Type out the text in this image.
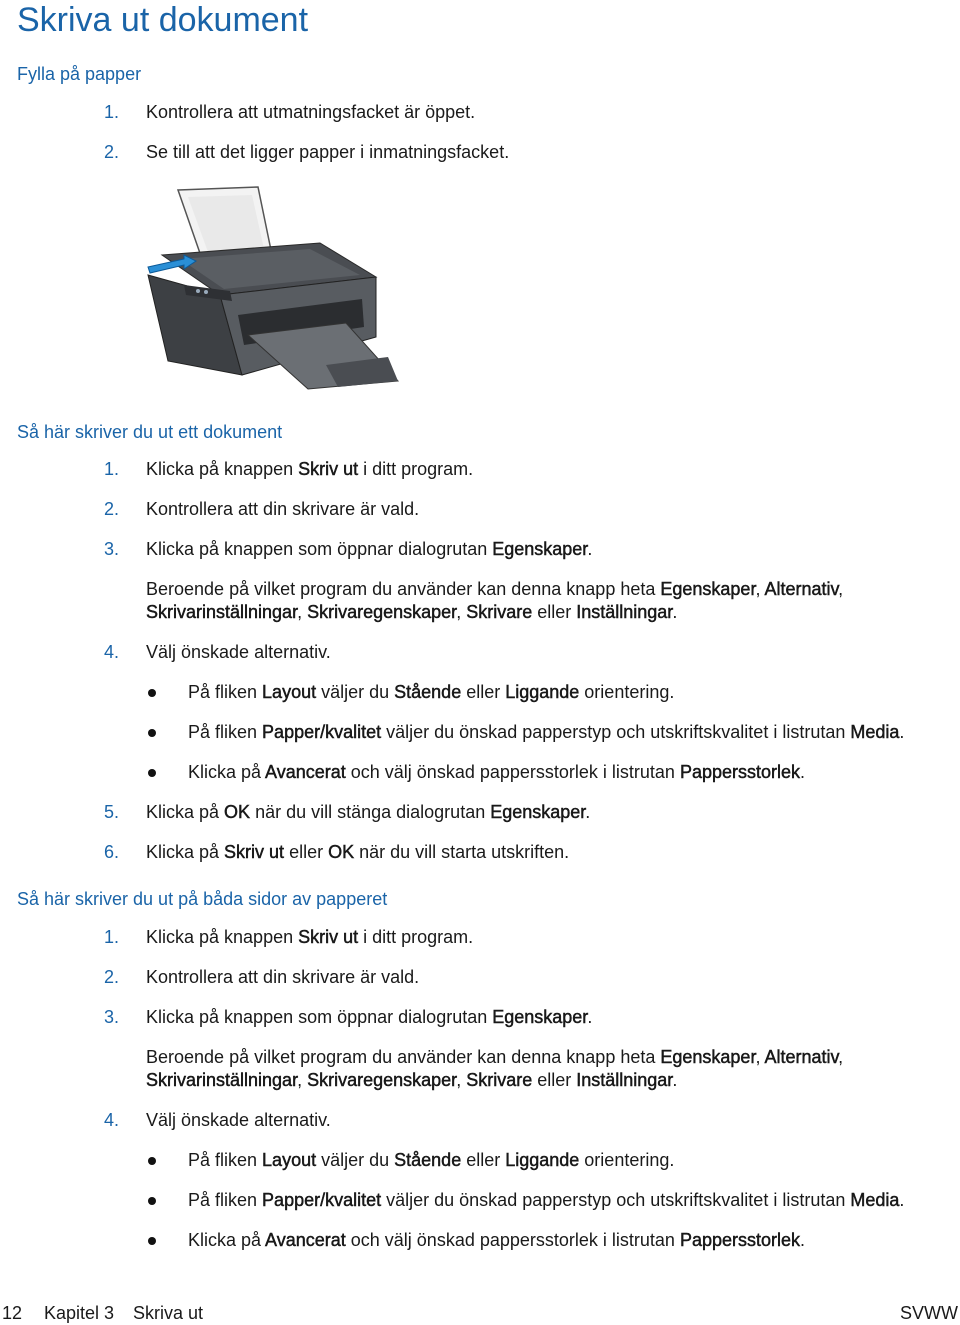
Skriva ut dokument
Fylla på papper
1. Kontrollera att utmatningsfacket är öppet.
2. Se till att det ligger papper i inmatningsfacket.
Så här skriver du ut ett dokument
1. Klicka på knappen Skriv ut i ditt program.
2. Kontrollera att din skrivare är vald.
3. Klicka på knappen som öppnar dialogrutan Egenskaper.
Beroende på vilket program du använder kan denna knapp heta Egenskaper, Alternativ,
Skrivarinställningar, Skrivaregenskaper, Skrivare eller Inställningar.
4. Välj önskade alternativ.
På fliken Layout väljer du Stående eller Liggande orientering.
På fliken Papper/kvalitet väljer du önskad papperstyp och utskriftskvalitet i listrutan Media.
Klicka på Avancerat och välj önskad pappersstorlek i listrutan Pappersstorlek.
5. Klicka på OK när du vill stänga dialogrutan Egenskaper.
6. Klicka på Skriv ut eller OK när du vill starta utskriften.
Så här skriver du ut på båda sidor av papperet
1. Klicka på knappen Skriv ut i ditt program.
2. Kontrollera att din skrivare är vald.
3. Klicka på knappen som öppnar dialogrutan Egenskaper.
Beroende på vilket program du använder kan denna knapp heta Egenskaper, Alternativ,
Skrivarinställningar, Skrivaregenskaper, Skrivare eller Inställningar.
4. Välj önskade alternativ.
På fliken Layout väljer du Stående eller Liggande orientering.
På fliken Papper/kvalitet väljer du önskad papperstyp och utskriftskvalitet i listrutan Media.
Klicka på Avancerat och välj önskad pappersstorlek i listrutan Pappersstorlek.
12 Kapitel 3 Skriva ut	SVWW
